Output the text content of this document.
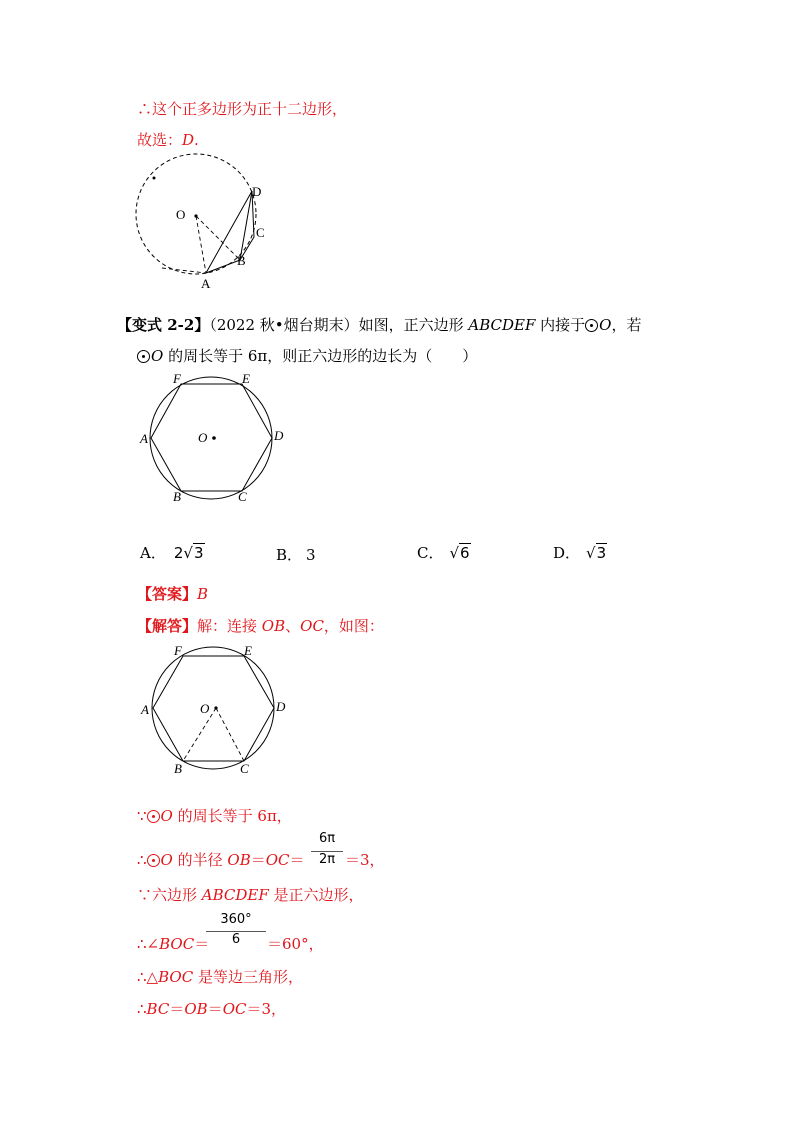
∴这个正多边形为正十二边形，
故选：D.
O
A
B
C
D
【变式 2-2】（2022 秋•烟台期末）如图，正六边形 ABCDEF 内接于 O，若
O 的周长等于 6π，则正六边形的边长为（　　）
A
B	C
D
E
F
O
A． 2√3	B． 3	C． √6	D． √3
【答案】B
【解答】解：连接 OB、OC，如图：
A
B	C
D
E
F
O
∵ O 的周长等于 6π，
∴ O 的半径 OB＝OC＝
6π
2π ＝3，
∵六边形 ABCDEF 是正六边形，
∴∠BOC＝
360°
6	＝60°，
∴△BOC 是等边三角形，
∴BC＝OB＝OC＝3，
